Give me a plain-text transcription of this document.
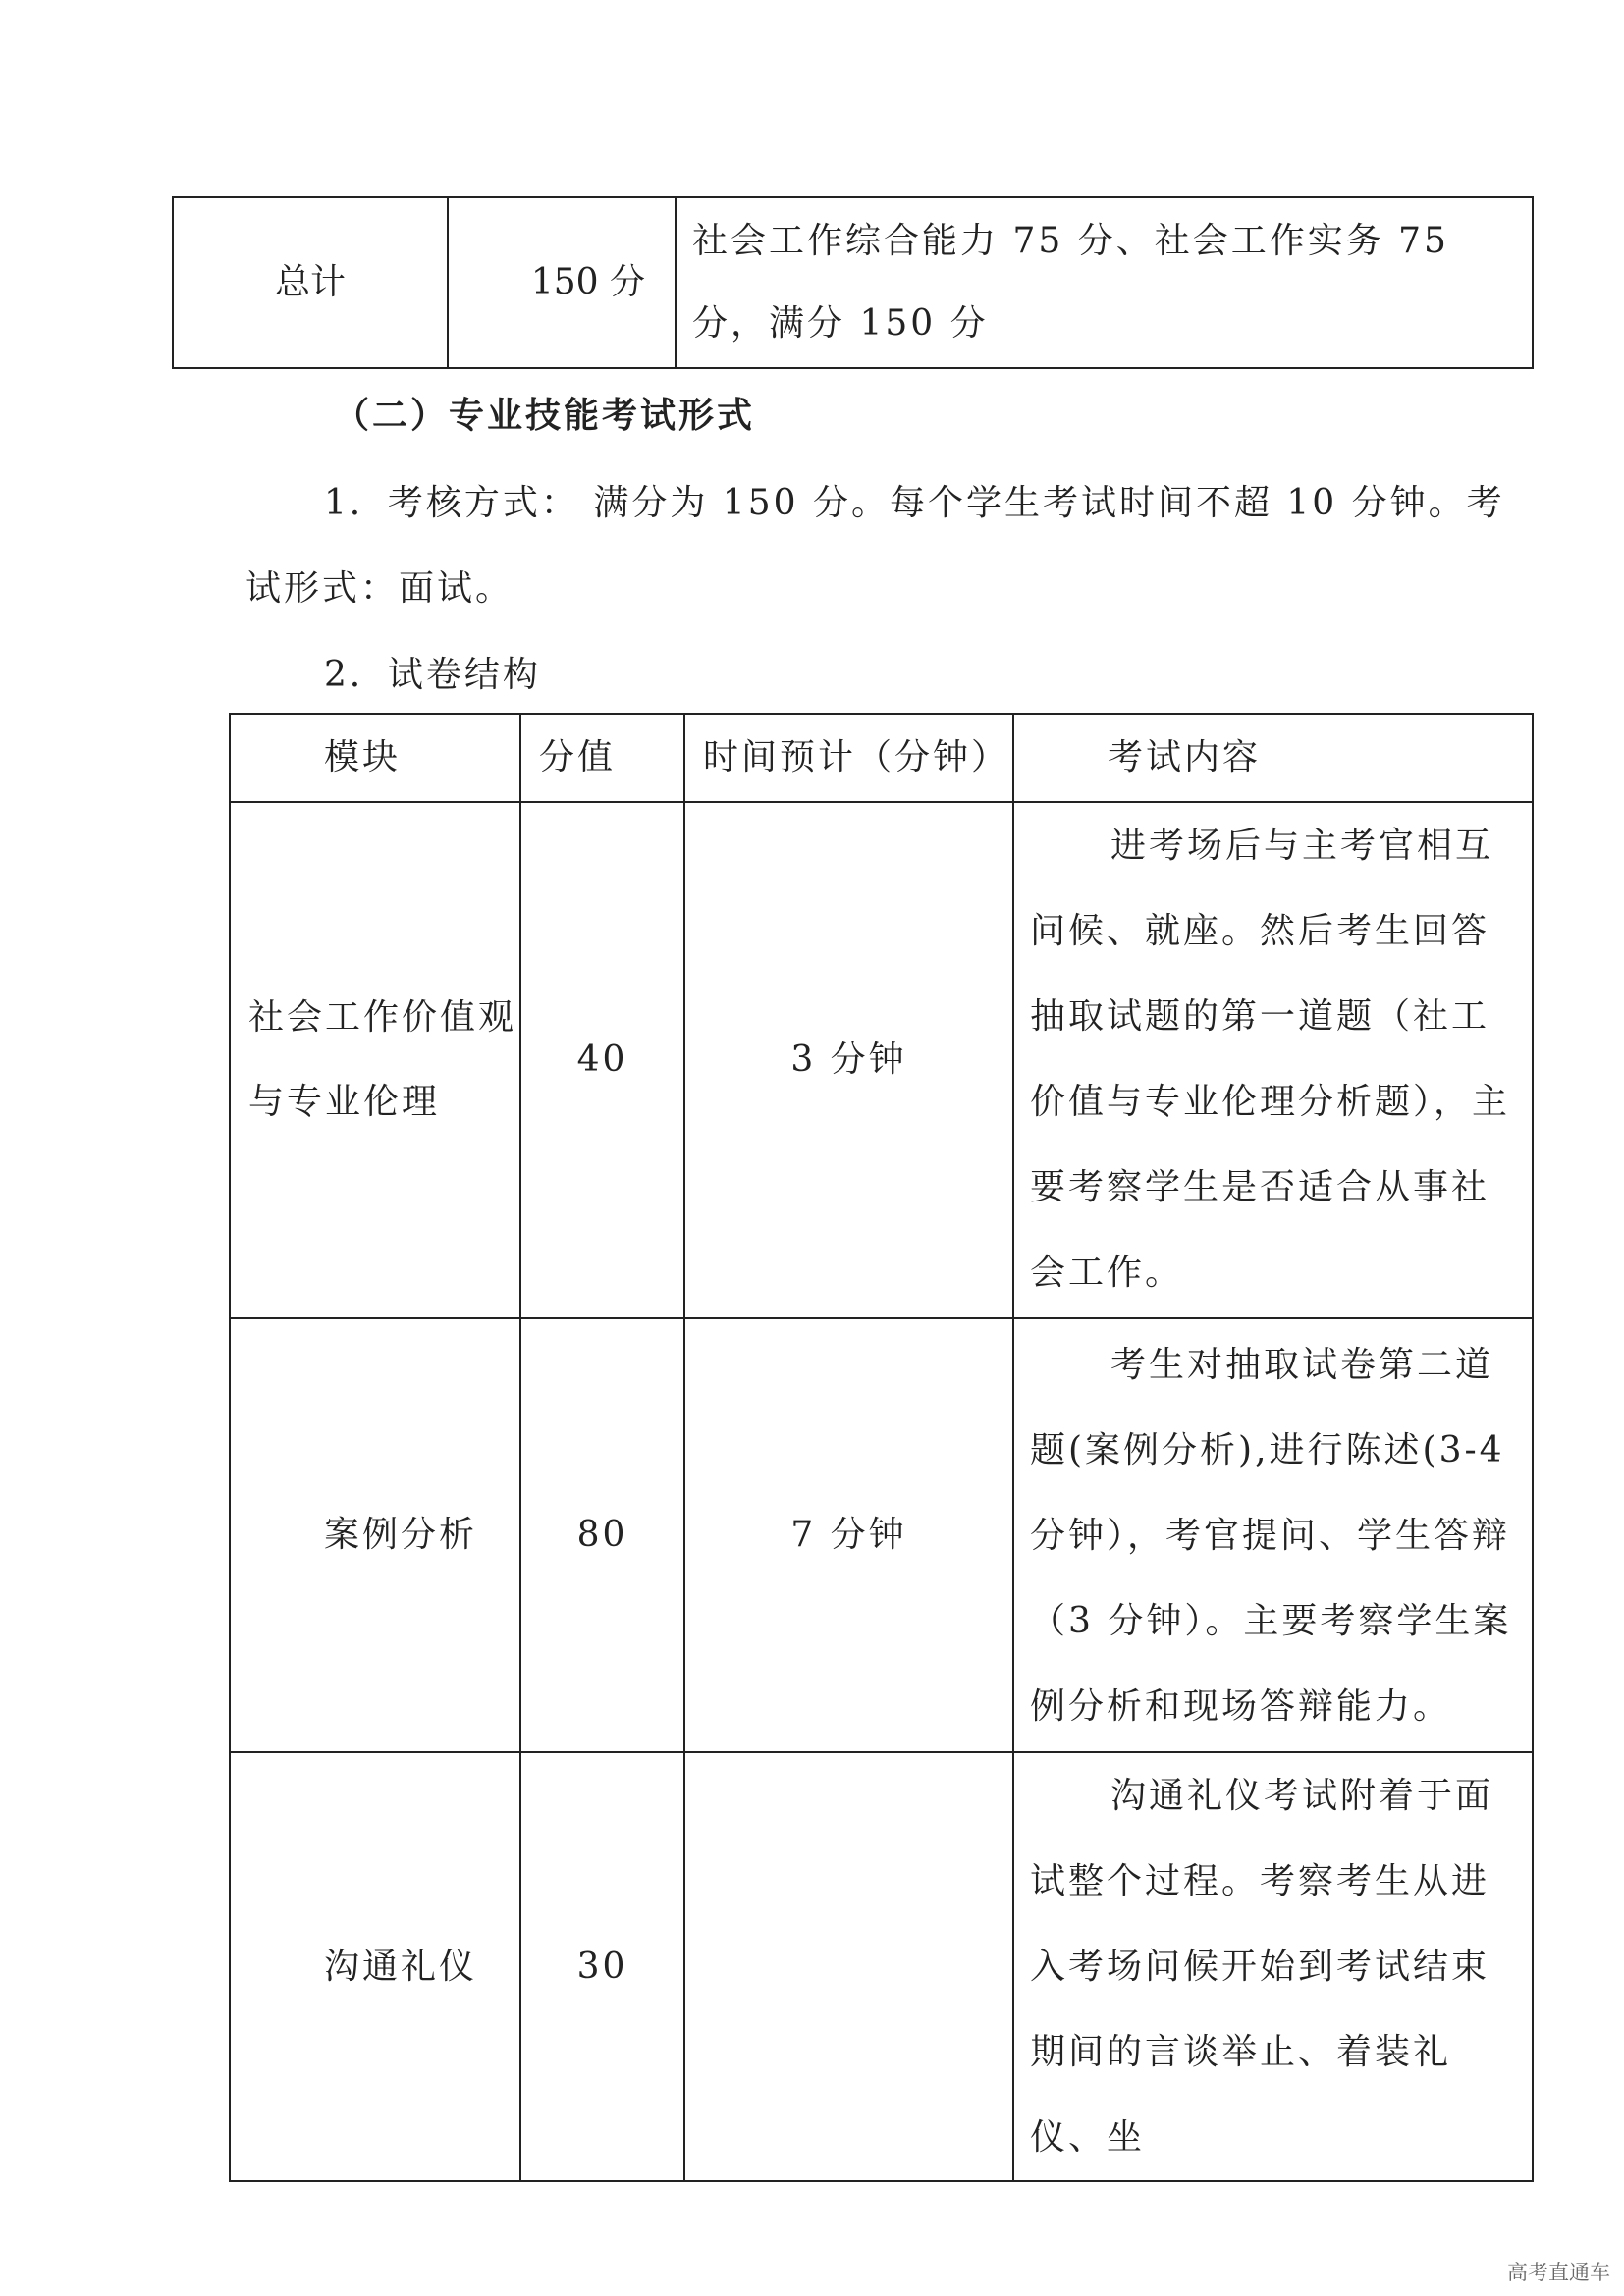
总计	150 分	社会工作综合能力 75 分、社会工作实务 75 分，满分 150 分
（二）专业技能考试形式
1．考核方式： 满分为 150 分。每个学生考试时间不超 10 分钟。考
试形式：面试。
2．试卷结构
模块	分值	时间预计（分钟）	考试内容
社会工作价值观与专业伦理	40	3 分钟	进考场后与主考官相互问候、就座。然后考生回答抽取试题的第一道题（社工价值与专业伦理分析题），主要考察学生是否适合从事社会工作。
案例分析	80	7 分钟	考生对抽取试卷第二道题(案例分析),进行陈述(3-4 分钟），考官提问、学生答辩（3 分钟）。主要考察学生案例分析和现场答辩能力。
沟通礼仪	30		沟通礼仪考试附着于面试整个过程。考察考生从进入考场问候开始到考试结束期间的言谈举止、着装礼仪、坐
高考直通车
